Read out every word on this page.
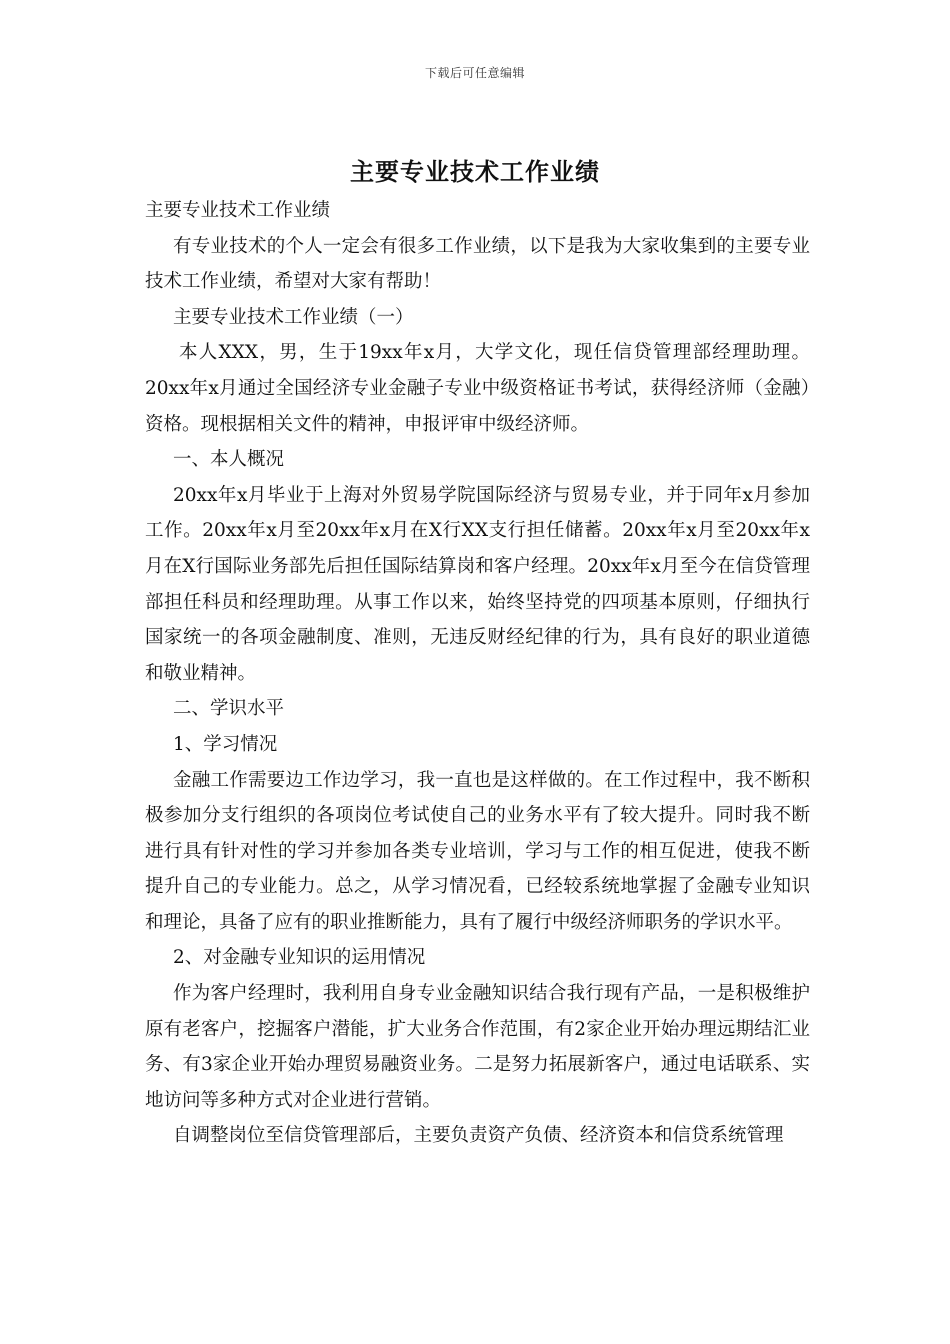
下载后可任意编辑
主要专业技术工作业绩

主要专业技术工作业绩

有专业技术的个人一定会有很多工作业绩，以下是我为大家收集到的主要专业技术工作业绩，希望对大家有帮助！

主要专业技术工作业绩（一）

本人XXX，男，生于19xx年x月，大学文化，现任信贷管理部经理助理。20xx年x月通过全国经济专业金融子专业中级资格证书考试，获得经济师（金融）资格。现根据相关文件的精神，申报评审中级经济师。

一、本人概况

20xx年x月毕业于上海对外贸易学院国际经济与贸易专业，并于同年x月参加工作。20xx年x月至20xx年x月在X行XX支行担任储蓄。20xx年x月至20xx年x月在X行国际业务部先后担任国际结算岗和客户经理。20xx年x月至今在信贷管理部担任科员和经理助理。从事工作以来，始终坚持党的四项基本原则，仔细执行国家统一的各项金融制度、准则，无违反财经纪律的行为，具有良好的职业道德和敬业精神。

二、学识水平

1、学习情况

金融工作需要边工作边学习，我一直也是这样做的。在工作过程中，我不断积极参加分支行组织的各项岗位考试使自己的业务水平有了较大提升。同时我不断进行具有针对性的学习并参加各类专业培训，学习与工作的相互促进，使我不断提升自己的专业能力。总之，从学习情况看，已经较系统地掌握了金融专业知识和理论，具备了应有的职业推断能力，具有了履行中级经济师职务的学识水平。

2、对金融专业知识的运用情况

作为客户经理时，我利用自身专业金融知识结合我行现有产品，一是积极维护原有老客户，挖掘客户潜能，扩大业务合作范围，有2家企业开始办理远期结汇业务、有3家企业开始办理贸易融资业务。二是努力拓展新客户，通过电话联系、实地访问等多种方式对企业进行营销。

自调整岗位至信贷管理部后，主要负责资产负债、经济资本和信贷系统管理
